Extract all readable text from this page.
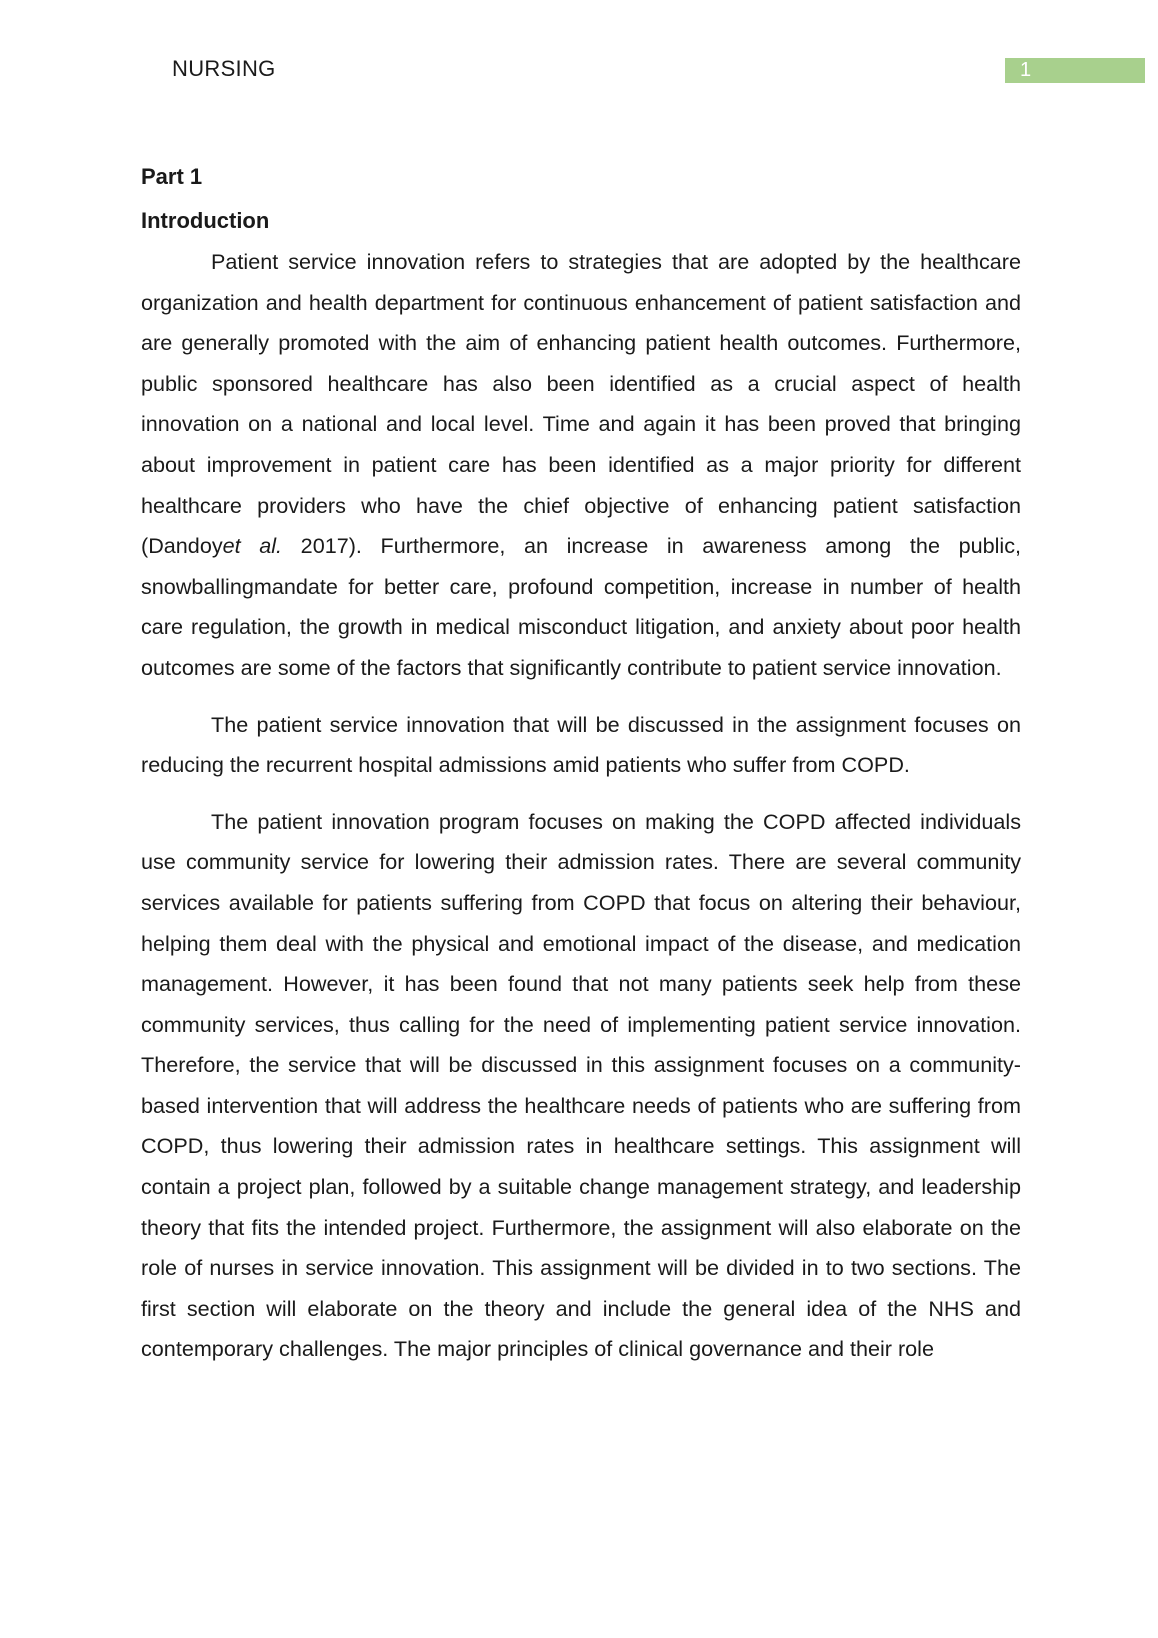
NURSING	1
Part 1
Introduction

Patient service innovation refers to strategies that are adopted by the healthcare organization and health department for continuous enhancement of patient satisfaction and are generally promoted with the aim of enhancing patient health outcomes. Furthermore, public sponsored healthcare has also been identified as a crucial aspect of health innovation on a national and local level. Time and again it has been proved that bringing about improvement in patient care has been identified as a major priority for different healthcare providers who have the chief objective of enhancing patient satisfaction (Dandoyet al. 2017). Furthermore, an increase in awareness among the public, snowballingmandate for better care, profound competition, increase in number of health care regulation, the growth in medical misconduct litigation, and anxiety about poor health outcomes are some of the factors that significantly contribute to patient service innovation.

The patient service innovation that will be discussed in the assignment focuses on reducing the recurrent hospital admissions amid patients who suffer from COPD.

The patient innovation program focuses on making the COPD affected individuals use community service for lowering their admission rates. There are several community services available for patients suffering from COPD that focus on altering their behaviour, helping them deal with the physical and emotional impact of the disease, and medication management. However, it has been found that not many patients seek help from these community services, thus calling for the need of implementing patient service innovation. Therefore, the service that will be discussed in this assignment focuses on a community-based intervention that will address the healthcare needs of patients who are suffering from COPD, thus lowering their admission rates in healthcare settings. This assignment will contain a project plan, followed by a suitable change management strategy, and leadership theory that fits the intended project. Furthermore, the assignment will also elaborate on the role of nurses in service innovation. This assignment will be divided in to two sections. The first section will elaborate on the theory and include the general idea of the NHS and contemporary challenges. The major principles of clinical governance and their role
